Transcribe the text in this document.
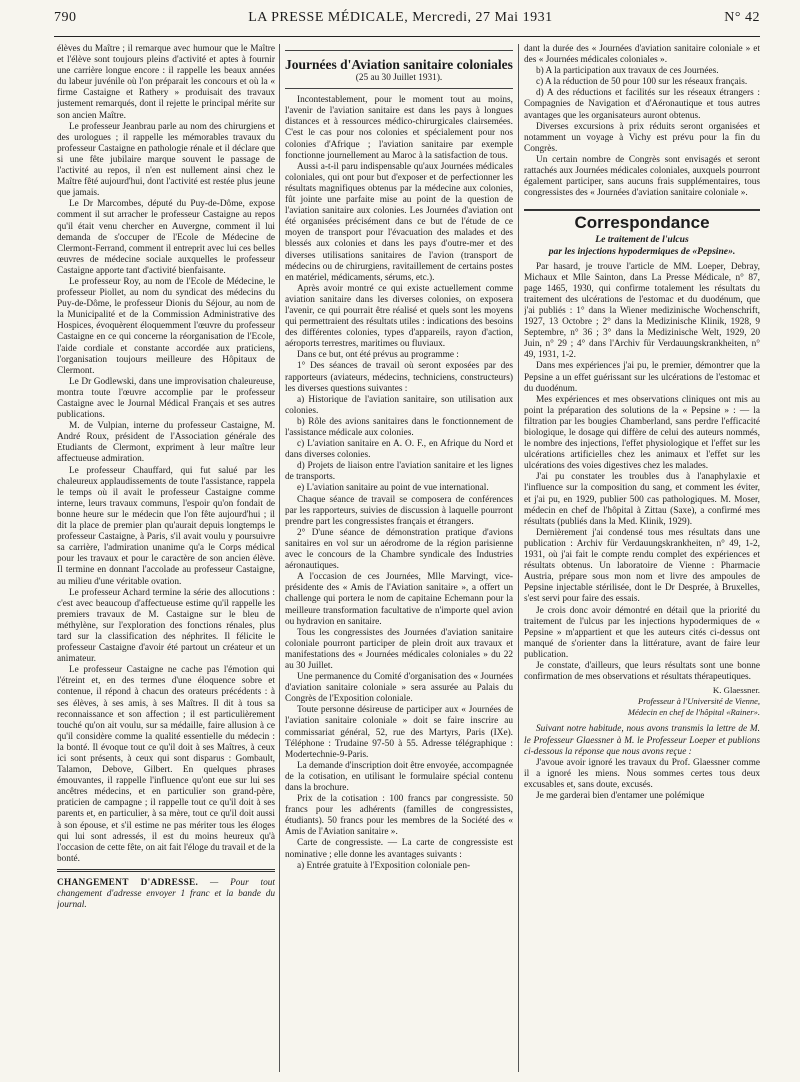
790	LA PRESSE MÉDICALE, Mercredi, 27 Mai 1931	N° 42

élèves du Maître ; il remarque avec humour que le Maître et l'élève sont toujours pleins d'activité et aptes à fournir une carrière longue encore : il rappelle les beaux années du labeur juvénile où l'on préparait les concours et où la « firme Castaigne et Rathery » produisait des travaux justement remarqués, dont il rejette le principal mérite sur son ancien Maître.

Le professeur Jeanbrau parle au nom des chirurgiens et des urologues ; il rappelle les mémorables travaux du professeur Castaigne en pathologie rénale et il déclare que si une fête jubilaire marque souvent le passage de l'activité au repos, il n'en est nullement ainsi chez le Maître fêté aujourd'hui, dont l'activité est restée plus jeune que jamais.

Le Dr Marcombes, député du Puy-de-Dôme, expose comment il sut arracher le professeur Castaigne au repos qu'il était venu chercher en Auvergne, comment il lui demanda de s'occuper de l'Ecole de Médecine de Clermont-Ferrand, comment il entreprit avec lui ces belles œuvres de médecine sociale auxquelles le professeur Castaigne apporte tant d'activité bienfaisante.

Le professeur Roy, au nom de l'Ecole de Médecine, le professeur Piollet, au nom du syndicat des médecins du Puy-de-Dôme, le professeur Dionis du Séjour, au nom de la Municipalité et de la Commission Administrative des Hospices, évoquèrent éloquemment l'œuvre du professeur Castaigne en ce qui concerne la réorganisation de l'Ecole, l'aide cordiale et constante accordée aux praticiens, l'organisation toujours meilleure des Hôpitaux de Clermont.

Le Dr Godlewski, dans une improvisation chaleureuse, montra toute l'œuvre accomplie par le professeur Castaigne avec le Journal Médical Français et ses autres publications.

M. de Vulpian, interne du professeur Castaigne, M. André Roux, président de l'Association générale des Etudiants de Clermont, expriment à leur maître leur affectueuse admiration.

Le professeur Chauffard, qui fut salué par les chaleureux applaudissements de toute l'assistance, rappela le temps où il avait le professeur Castaigne comme interne, leurs travaux communs, l'espoir qu'on fondait de bonne heure sur le médecin que l'on fête aujourd'hui ; il dit la place de premier plan qu'aurait depuis longtemps le professeur Castaigne, à Paris, s'il avait voulu y poursuivre sa carrière, l'admiration unanime qu'a le Corps médical pour les travaux et pour le caractère de son ancien élève. Il termine en donnant l'accolade au professeur Castaigne, au milieu d'une véritable ovation.

Le professeur Achard termine la série des allocutions : c'est avec beaucoup d'affectueuse estime qu'il rappelle les premiers travaux de M. Castaigne sur le bleu de méthylène, sur l'exploration des fonctions rénales, plus tard sur la classification des néphrites. Il félicite le professeur Castaigne d'avoir été partout un créateur et un animateur.

Le professeur Castaigne ne cache pas l'émotion qui l'étreint et, en des termes d'une éloquence sobre et contenue, il répond à chacun des orateurs précédents : à ses élèves, à ses amis, à ses Maîtres. Il dit à tous sa reconnaissance et son affection ; il est particulièrement touché qu'on ait voulu, sur sa médaille, faire allusion à ce qu'il considère comme la qualité essentielle du médecin : la bonté. Il évoque tout ce qu'il doit à ses Maîtres, à ceux ici sont présents, à ceux qui sont disparus : Gombault, Talamon, Debove, Gilbert. En quelques phrases émouvantes, il rappelle l'influence qu'ont eue sur lui ses ancêtres médecins, et en particulier son grand-père, praticien de campagne ; il rappelle tout ce qu'il doit à ses parents et, en particulier, à sa mère, tout ce qu'il doit aussi à son épouse, et s'il estime ne pas mériter tous les éloges qui lui sont adressés, il est du moins heureux qu'à l'occasion de cette fête, on ait fait l'éloge du travail et de la bonté.

CHANGEMENT D'ADRESSE. — Pour tout changement d'adresse envoyer 1 franc et la bande du journal.
Journées d'Aviation sanitaire coloniales
(25 au 30 Juillet 1931).

Incontestablement, pour le moment tout au moins, l'avenir de l'aviation sanitaire est dans les pays à longues distances et à ressources médico-chirurgicales clairsemées. C'est le cas pour nos colonies et spécialement pour nos colonies d'Afrique ; l'aviation sanitaire par exemple fonctionne journellement au Maroc à la satisfaction de tous.

Aussi a-t-il paru indispensable qu'aux Journées médicales coloniales, qui ont pour but d'exposer et de perfectionner les résultats magnifiques obtenus par la médecine aux colonies, fût jointe une parfaite mise au point de la question de l'aviation sanitaire aux colonies. Les Journées d'aviation ont été organisées précisément dans ce but de l'étude de ce moyen de transport pour l'évacuation des malades et des blessés aux colonies et dans les pays d'outre-mer et des diverses utilisations sanitaires de l'avion (transport de médecins ou de chirurgiens, ravitaillement de certains postes en matériel, médicaments, sérums, etc.).

Après avoir montré ce qui existe actuellement comme aviation sanitaire dans les diverses colonies, on exposera l'avenir, ce qui pourrait être réalisé et quels sont les moyens qui permettraient des résultats utiles : indications des besoins des différentes colonies, types d'appareils, rayon d'action, aéroports terrestres, maritimes ou fluviaux.

Dans ce but, ont été prévus au programme :

1° Des séances de travail où seront exposées par des rapporteurs (aviateurs, médecins, techniciens, constructeurs) les diverses questions suivantes :

a) Historique de l'aviation sanitaire, son utilisation aux colonies.

b) Rôle des avions sanitaires dans le fonctionnement de l'assistance médicale aux colonies.

c) L'aviation sanitaire en A. O. F., en Afrique du Nord et dans diverses colonies.

d) Projets de liaison entre l'aviation sanitaire et les lignes de transports.

e) L'aviation sanitaire au point de vue international.

Chaque séance de travail se composera de conférences par les rapporteurs, suivies de discussion à laquelle pourront prendre part les congressistes français et étrangers.

2° D'une séance de démonstration pratique d'avions sanitaires en vol sur un aérodrome de la région parisienne avec le concours de la Chambre syndicale des Industries aéronautiques.

A l'occasion de ces Journées, Mlle Marvingt, vice-présidente des « Amis de l'Aviation sanitaire », a offert un challenge qui portera le nom de capitaine Echemann pour la meilleure transformation facultative de n'importe quel avion ou hydravion en sanitaire.

Tous les congressistes des Journées d'aviation sanitaire coloniale pourront participer de plein droit aux travaux et manifestations des « Journées médicales coloniales » du 22 au 30 Juillet.

Une permanence du Comité d'organisation des « Journées d'aviation sanitaire coloniale » sera assurée au Palais du Congrès de l'Exposition coloniale.

Toute personne désireuse de participer aux « Journées de l'aviation sanitaire coloniale » doit se faire inscrire au commissariat général, 52, rue des Martyrs, Paris (IXe). Téléphone : Trudaine 97-50 à 55. Adresse télégraphique : Modertechnie-9-Paris.

La demande d'inscription doit être envoyée, accompagnée de la cotisation, en utilisant le formulaire spécial contenu dans la brochure.

Prix de la cotisation : 100 francs par congressiste. 50 francs pour les adhérents (familles de congressistes, étudiants). 50 francs pour les membres de la Société des « Amis de l'Aviation sanitaire ».

Carte de congressiste. — La carte de congressiste est nominative ; elle donne les avantages suivants :

a) Entrée gratuite à l'Exposition coloniale pen-

dant la durée des « Journées d'aviation sanitaire coloniale » et des « Journées médicales coloniales ».

b) A la participation aux travaux de ces Journées.

c) A la réduction de 50 pour 100 sur les réseaux français.

d) A des réductions et facilités sur les réseaux étrangers : Compagnies de Navigation et d'Aéronautique et tous autres avantages que les organisateurs auront obtenus.

Diverses excursions à prix réduits seront organisées et notamment un voyage à Vichy est prévu pour la fin du Congrès.

Un certain nombre de Congrès sont envisagés et seront rattachés aux Journées médicales coloniales, auxquels pourront également participer, sans aucuns frais supplémentaires, tous congressistes des « Journées d'aviation sanitaire coloniale ».

Correspondance
Le traitement de l'ulcus
par les injections hypodermiques de «Pepsine».

Par hasard, je trouve l'article de MM. Loeper, Debray, Michaux et Mlle Sainton, dans La Presse Médicale, n° 87, page 1465, 1930, qui confirme totalement les résultats du traitement des ulcérations de l'estomac et du duodénum, que j'ai publiés : 1° dans la Wiener medizinische Wochenschrift, 1927, 13 Octobre ; 2° dans la Medizinische Klinik, 1928, 9 Septembre, n° 36 ; 3° dans la Medizinische Welt, 1929, 20 Juin, n° 29 ; 4° dans l'Archiv für Verdauungskrankheiten, n° 49, 1931, 1-2.

Dans mes expériences j'ai pu, le premier, démontrer que la Pepsine a un effet guérissant sur les ulcérations de l'estomac et du duodénum.

Mes expériences et mes observations cliniques ont mis au point la préparation des solutions de la « Pepsine » : — la filtration par les bougies Chamberland, sans perdre l'efficacité biologique, le dosage qui diffère de celui des auteurs nommés, le nombre des injections, l'effet physiologique et l'effet sur les ulcérations artificielles chez les animaux et l'effet sur les ulcérations des voies digestives chez les malades.

J'ai pu constater les troubles dus à l'anaphylaxie et l'influence sur la composition du sang, et comment les éviter, et j'ai pu, en 1929, publier 500 cas pathologiques. M. Moser, médecin en chef de l'hôpital à Zittau (Saxe), a confirmé mes résultats (publiés dans la Med. Klinik, 1929).

Dernièrement j'ai condensé tous mes résultats dans une publication : Archiv für Verdauungskrankheiten, n° 49, 1-2, 1931, où j'ai fait le compte rendu complet des expériences et résultats obtenus. Un laboratoire de Vienne : Pharmacie Austria, prépare sous mon nom et livre des ampoules de Pepsine injectable stérilisée, dont le Dr Desprée, à Bruxelles, s'est servi pour faire des essais.

Je crois donc avoir démontré en détail que la priorité du traitement de l'ulcus par les injections hypodermiques de « Pepsine » m'appartient et que les auteurs cités ci-dessus ont manqué de s'orienter dans la littérature, avant de faire leur publication.

Je constate, d'ailleurs, que leurs résultats sont une bonne confirmation de mes observations et résultats thérapeutiques.

K. Glaessner.
Professeur à l'Université de Vienne,
Médecin en chef de l'hôpital «Rainer».

Suivant notre habitude, nous avons transmis la lettre de M. le Professeur Glaessner à M. le Professeur Loeper et publions ci-dessous la réponse que nous avons reçue :

J'avoue avoir ignoré les travaux du Prof. Glaessner comme il a ignoré les miens. Nous sommes certes tous deux excusables et, sans doute, excusés.

Je me garderai bien d'entamer une polémique
